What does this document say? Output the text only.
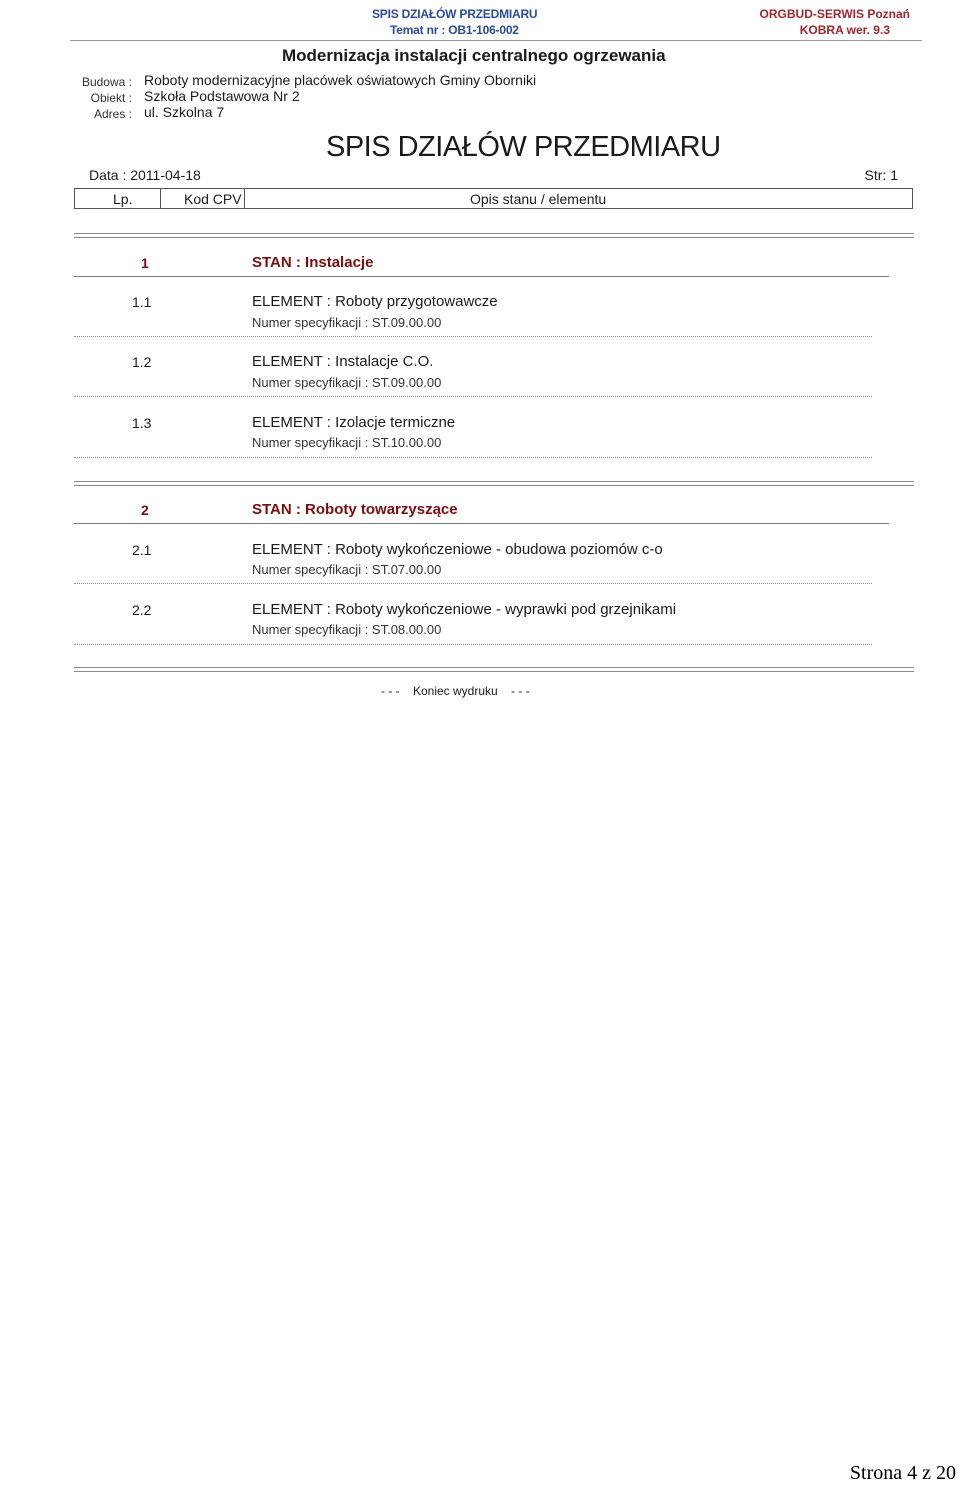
SPIS DZIAŁÓW PRZEDMIARU
Temat nr : OB1-106-002
ORGBUD-SERWIS Poznań
KOBRA wer. 9.3
Modernizacja instalacji centralnego ogrzewania
Budowa : Roboty modernizacyjne placówek oświatowych Gminy Oborniki
Obiekt : Szkoła Podstawowa Nr 2
Adres : ul. Szkolna 7
SPIS DZIAŁÓW PRZEDMIARU
Data : 2011-04-18	Str: 1
Lp.	Kod CPV	Opis stanu / elementu
1	STAN : Instalacje
1.1	ELEMENT : Roboty przygotowawcze
Numer specyfikacji : ST.09.00.00
1.2	ELEMENT : Instalacje C.O.
Numer specyfikacji : ST.09.00.00
1.3	ELEMENT : Izolacje termiczne
Numer specyfikacji : ST.10.00.00
2	STAN : Roboty towarzyszące
2.1	ELEMENT : Roboty wykończeniowe - obudowa poziomów c-o
Numer specyfikacji : ST.07.00.00
2.2	ELEMENT : Roboty wykończeniowe - wyprawki pod grzejnikami
Numer specyfikacji : ST.08.00.00
- - -    Koniec wydruku    - - -
Strona 4 z 20
